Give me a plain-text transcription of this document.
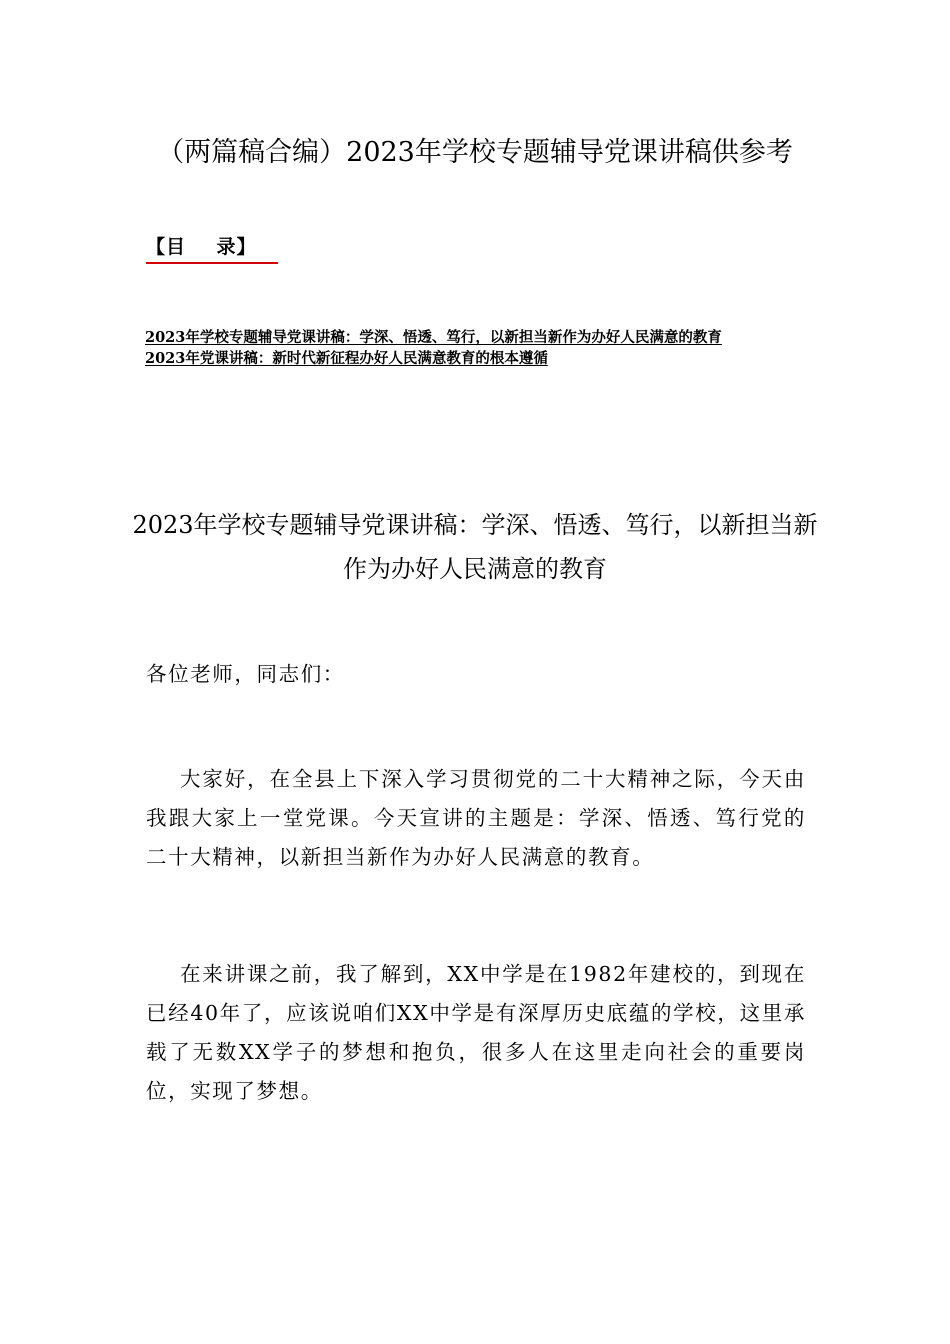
（两篇稿合编）2023年学校专题辅导党课讲稿供参考
【目    录】
2023年学校专题辅导党课讲稿：学深、悟透、笃行，以新担当新作为办好人民满意的教育
2023年党课讲稿：新时代新征程办好人民满意教育的根本遵循
2023年学校专题辅导党课讲稿：学深、悟透、笃行，以新担当新作为办好人民满意的教育

各位老师，同志们：

大家好，在全县上下深入学习贯彻党的二十大精神之际，今天由我跟大家上一堂党课。今天宣讲的主题是：学深、悟透、笃行党的二十大精神，以新担当新作为办好人民满意的教育。

在来讲课之前，我了解到，XX中学是在1982年建校的，到现在已经40年了，应该说咱们XX中学是有深厚历史底蕴的学校，这里承载了无数XX学子的梦想和抱负，很多人在这里走向社会的重要岗位，实现了梦想。
